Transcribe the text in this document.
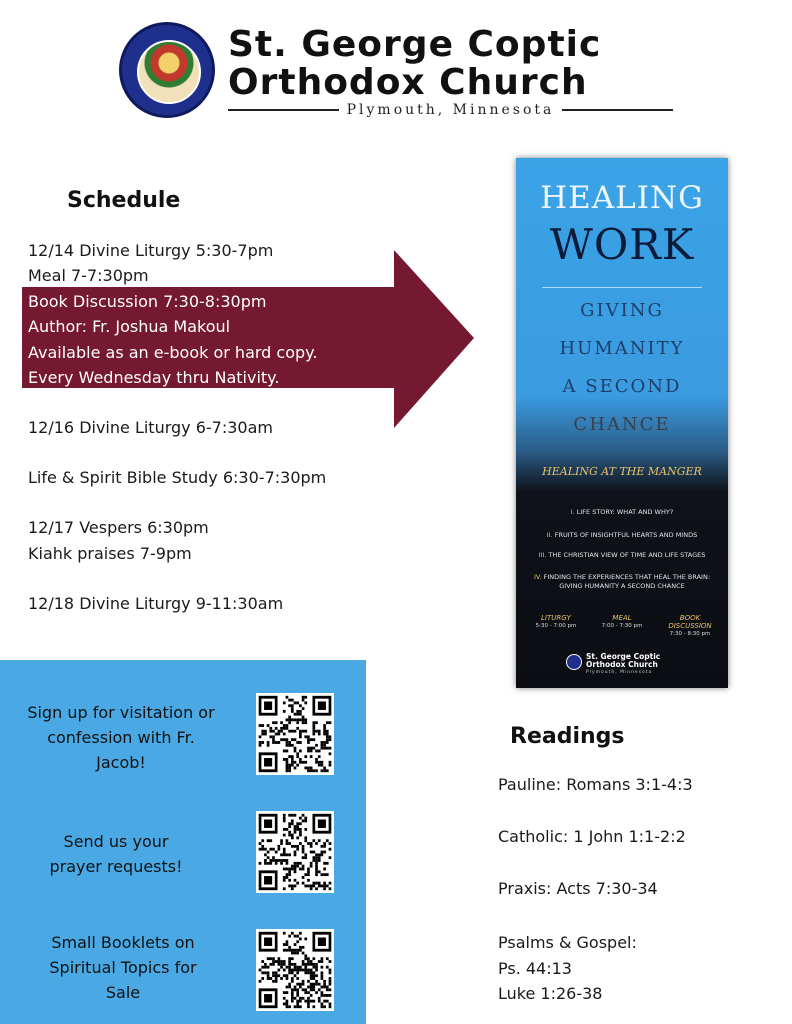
St. George Coptic
Orthodox Church
Plymouth, Minnesota
Schedule
12/14 Divine Liturgy 5:30-7pm
Meal 7-7:30pm
Book Discussion 7:30-8:30pm
Author: Fr. Joshua Makoul
Available as an e-book or hard copy.
Every Wednesday thru Nativity.
12/16 Divine Liturgy 6-7:30am
Life & Spirit Bible Study 6:30-7:30pm
12/17 Vespers 6:30pm
Kiahk praises 7-9pm
12/18 Divine Liturgy 9-11:30am
HEALING
WORK
GIVING
HUMANITY
A SECOND
CHANCE
HEALING AT THE MANGER
I. LIFE STORY: WHAT AND WHY?
II. FRUITS OF INSIGHTFUL HEARTS AND MINDS
III. THE CHRISTIAN VIEW OF TIME AND LIFE STAGES
IV. FINDING THE EXPERIENCES THAT HEAL THE BRAIN: GIVING HUMANITY A SECOND CHANCE
LITURGY
5:30 - 7:00 pm
MEAL
7:00 - 7:30 pm
BOOK DISCUSSION
7:30 - 8:30 pm
St. George Coptic
Orthodox Church
Plymouth, Minnesota
Sign up for visitation or
confession with Fr.
Jacob!
Send us your
prayer requests!
Small Booklets on
Spiritual Topics for
Sale
Readings
Pauline: Romans 3:1-4:3
Catholic: 1 John 1:1-2:2
Praxis: Acts 7:30-34
Psalms & Gospel:
Ps. 44:13
Luke 1:26-38
